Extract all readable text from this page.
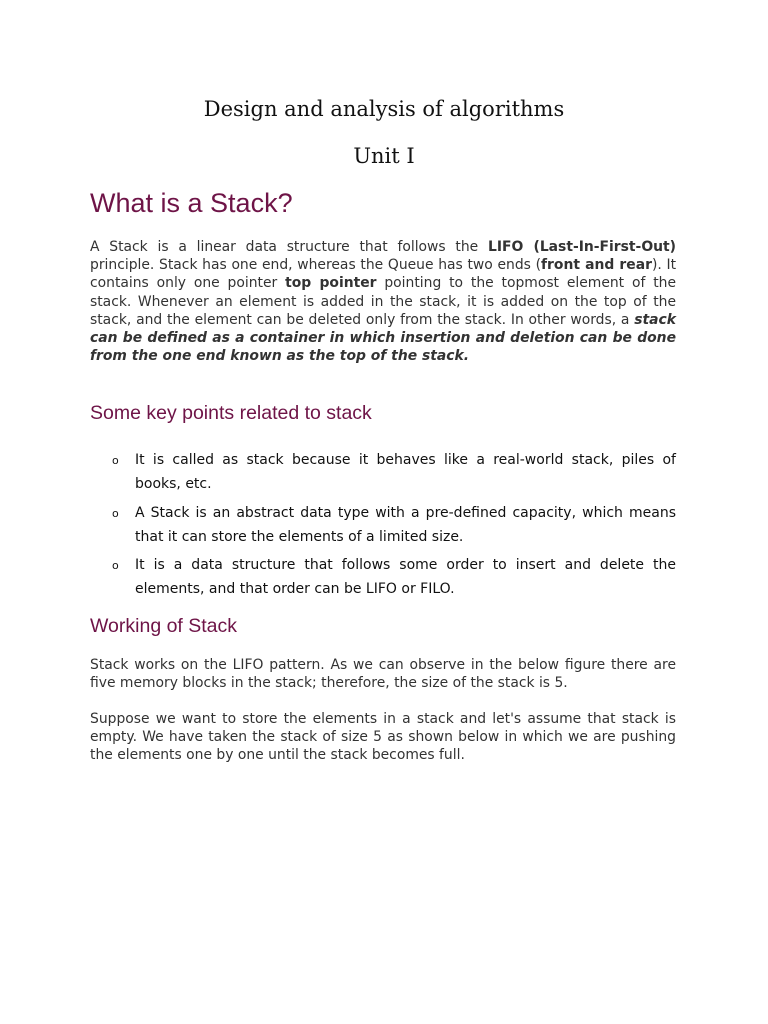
Design and analysis of algorithms
Unit I
What is a Stack?

A Stack is a linear data structure that follows the LIFO (Last-In-First-Out) principle. Stack has one end, whereas the Queue has two ends (front and rear). It contains only one pointer top pointer pointing to the topmost element of the stack. Whenever an element is added in the stack, it is added on the top of the stack, and the element can be deleted only from the stack. In other words, a stack can be defined as a container in which insertion and deletion can be done from the one end known as the top of the stack.

Some key points related to stack
o It is called as stack because it behaves like a real-world stack, piles of books, etc.
o A Stack is an abstract data type with a pre-defined capacity, which means that it can store the elements of a limited size.
o It is a data structure that follows some order to insert and delete the elements, and that order can be LIFO or FILO.
Working of Stack

Stack works on the LIFO pattern. As we can observe in the below figure there are five memory blocks in the stack; therefore, the size of the stack is 5.

Suppose we want to store the elements in a stack and let's assume that stack is empty. We have taken the stack of size 5 as shown below in which we are pushing the elements one by one until the stack becomes full.
